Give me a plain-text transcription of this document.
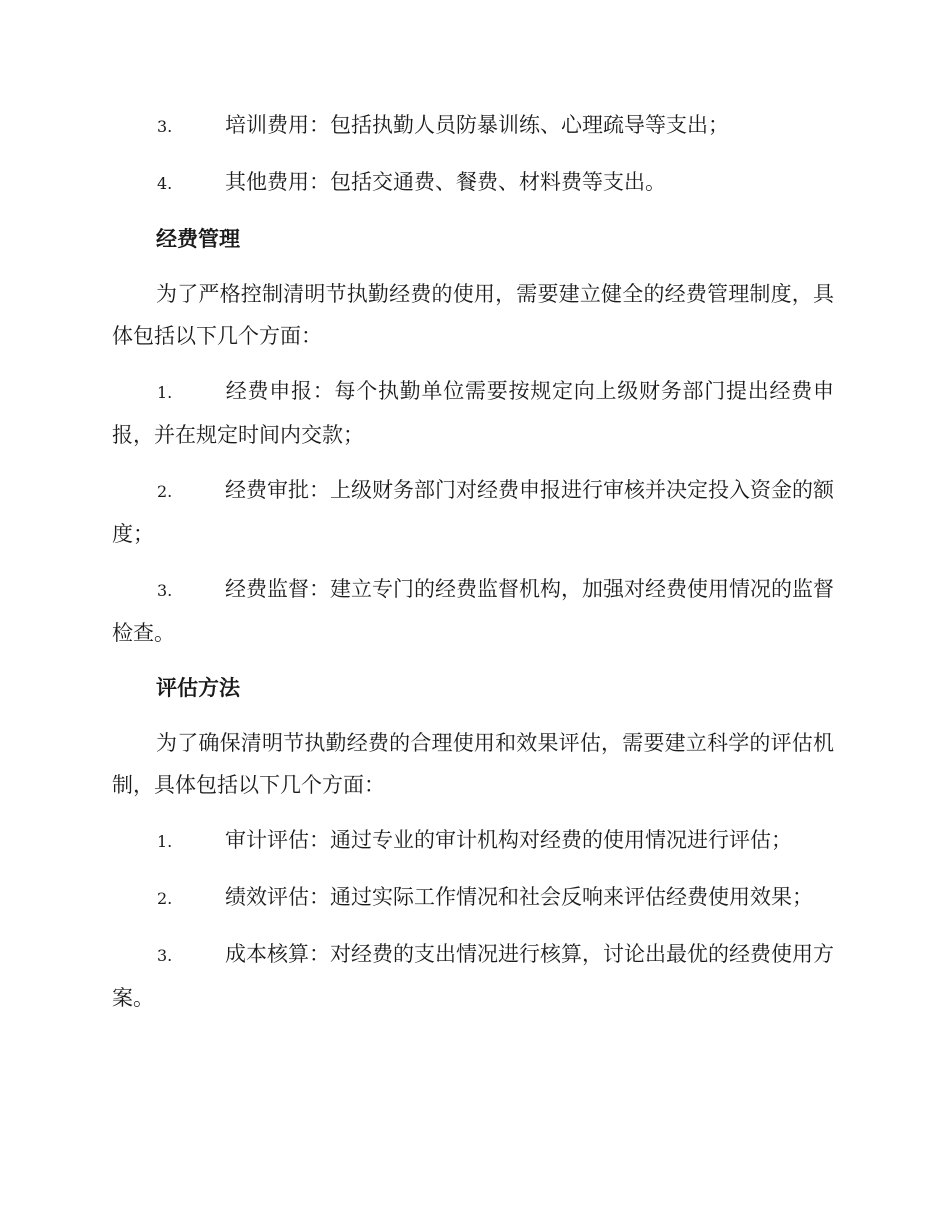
3.	培训费用：包括执勤人员防暴训练、心理疏导等支出；

4.	其他费用：包括交通费、餐费、材料费等支出。

经费管理

为了严格控制清明节执勤经费的使用，需要建立健全的经费管理制度，具体包括以下几个方面：

1.	经费申报：每个执勤单位需要按规定向上级财务部门提出经费申报，并在规定时间内交款；

2.	经费审批：上级财务部门对经费申报进行审核并决定投入资金的额度；

3.	经费监督：建立专门的经费监督机构，加强对经费使用情况的监督检查。

评估方法

为了确保清明节执勤经费的合理使用和效果评估，需要建立科学的评估机制，具体包括以下几个方面：

1.	审计评估：通过专业的审计机构对经费的使用情况进行评估；

2.	绩效评估：通过实际工作情况和社会反响来评估经费使用效果；

3.	成本核算：对经费的支出情况进行核算，讨论出最优的经费使用方案。
